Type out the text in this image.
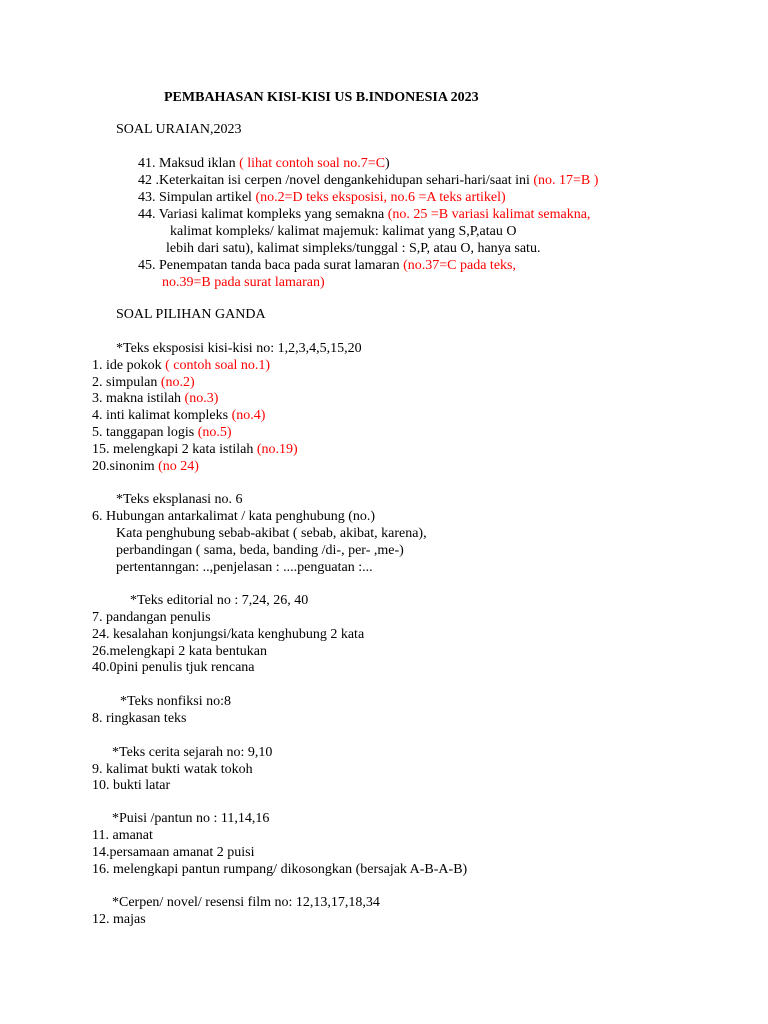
PEMBAHASAN KISI-KISI US B.INDONESIA 2023
SOAL URAIAN,2023
41. Maksud iklan ( lihat contoh soal no.7=C)
42 .Keterkaitan isi cerpen /novel dengankehidupan sehari-hari/saat ini (no. 17=B )
43. Simpulan artikel (no.2=D teks eksposisi, no.6 =A teks artikel)
44. Variasi kalimat kompleks yang semakna (no. 25 =B variasi kalimat semakna,
kalimat kompleks/ kalimat majemuk: kalimat yang S,P,atau O
lebih dari satu), kalimat simpleks/tunggal : S,P, atau O, hanya satu.
45. Penempatan tanda baca pada surat lamaran (no.37=C pada teks,
no.39=B pada surat lamaran)
SOAL PILIHAN GANDA
*Teks eksposisi kisi-kisi no: 1,2,3,4,5,15,20
1. ide pokok ( contoh soal no.1)
2. simpulan (no.2)
3. makna istilah (no.3)
4. inti kalimat kompleks (no.4)
5. tanggapan logis (no.5)
15. melengkapi 2 kata istilah (no.19)
20.sinonim (no 24)
*Teks eksplanasi no. 6
6. Hubungan antarkalimat / kata penghubung (no.)
Kata penghubung sebab-akibat ( sebab, akibat, karena),
perbandingan ( sama, beda, banding /di-, per- ,me-)
pertentanngan: ..,penjelasan : ....penguatan :...
*Teks editorial no : 7,24, 26, 40
7. pandangan penulis
24. kesalahan konjungsi/kata kenghubung 2 kata
26.melengkapi 2 kata bentukan
40.0pini penulis tjuk rencana
*Teks nonfiksi no:8
8. ringkasan teks
*Teks cerita sejarah no: 9,10
9. kalimat bukti watak tokoh
10. bukti latar
*Puisi /pantun no : 11,14,16
11. amanat
14.persamaan amanat 2 puisi
16. melengkapi pantun rumpang/ dikosongkan (bersajak A-B-A-B)
*Cerpen/ novel/ resensi film no: 12,13,17,18,34
12. majas
